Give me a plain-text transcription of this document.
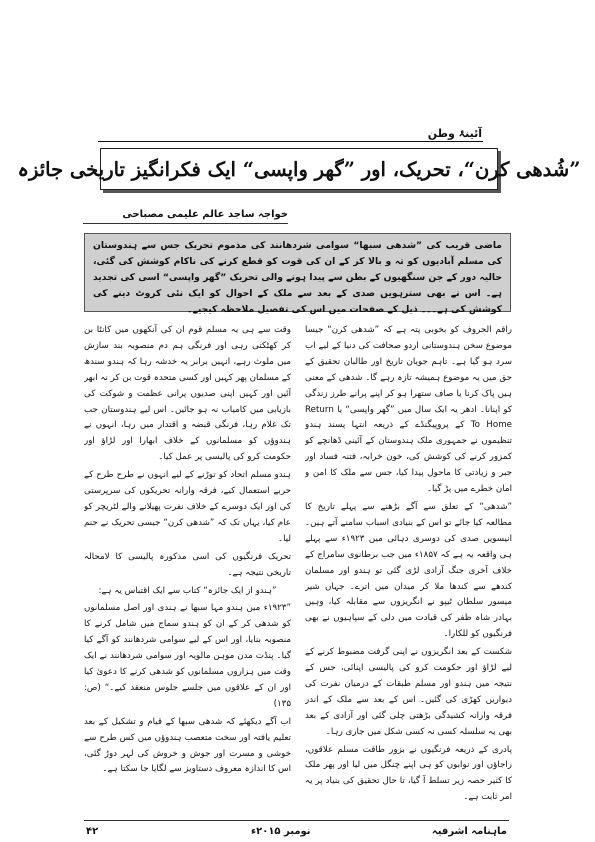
آئینۂ وطن
”شُدھی کرن“، تحریک، اور ”گھر واپسی“ ایک فکرانگیز تاریخی جائزہ
خواجہ ساجد عالم علیمی مصباحی
ماضی قریب کی ”شدھی سبھا“ سوامی شردھانند کی مذموم تحریک جس سے ہندوستان کی مسلم آبادیوں کو تہ و بالا کر کے ان کی قوت کو قطع کرنے کی ناکام کوشش کی گئی، حالیہ دور کے جن سنگھیوں کے بطن سے پیدا ہونے والی تحریک ”گھر واپسی“ اسی کی تجدید ہے۔ اس نے بھی سترہویں صدی کے بعد سے ملک کے احوال کو ایک نئی کروٹ دینے کی کوشش کی ہے۔۔۔ ذیل کے صفحات میں اس کی تفصیل ملاحظہ کیجیے۔

راقم الحروف کو بخوبی پتہ ہے کہ ”شدھی کرن“ جیسا موضوع سخن ہندوستانی اردو صحافت کی دنیا کے لیے اب سرد ہو گیا ہے۔ تاہم جویان تاریخ اور طالبان تحقیق کے حق میں یہ موضوع ہمیشہ تازہ رہے گا۔ شدھی کے معنی ہیں پاک کرنا یا صاف ستھرا ہو کر اپنے پرانے طرز زندگی کو اپنانا۔ ادھر یہ ایک سال میں ”گھر واپسی“ یا Return To Home کے پروپیگنڈے کے ذریعہ انتہا پسند ہندو تنظیموں نے جمہوری ملک ہندوستان کے آئینی ڈھانچے کو کمزور کرنے کی کوشش کی، خون خرابہ، فتنہ فساد اور جبر و زیادتی کا ماحول پیدا کیا، جس سے ملک کا امن و امان خطرے میں پڑ گیا۔

”شدھی“ کے تعلق سے آگے بڑھنے سے پہلے تاریخ کا مطالعہ کیا جائے تو اس کے بنیادی اسباب سامنے آتے ہیں۔ انیسویں صدی کی دوسری دہائی میں ۱۹۲۳ء سے پہلے ہی واقعہ یہ ہے کہ ۱۸۵۷ء میں جب برطانوی سامراج کے خلاف آخری جنگ آزادی لڑی گئی تو ہندو اور مسلمان کندھے سے کندھا ملا کر میدان میں اترے۔ جہاں شیر میسور سلطان ٹیپو نے انگریزوں سے مقابلہ کیا، وہیں بہادر شاہ ظفر کی قیادت میں دلی کے سپاہیوں نے بھی فرنگیوں کو للکارا۔

شکست کے بعد انگریزوں نے اپنی گرفت مضبوط کرنے کے لیے لڑاؤ اور حکومت کرو کی پالیسی اپنائی، جس کے نتیجہ میں ہندو اور مسلم طبقات کے درمیان نفرت کی دیواریں کھڑی کی گئیں۔ اس کے بعد سے ملک کے اندر فرقہ وارانہ کشیدگی بڑھتی چلی گئی اور آزادی کے بعد بھی یہ سلسلہ کسی نہ کسی شکل میں جاری رہا۔

پادری کے ذریعہ فرنگیوں نے بزور طاقت مسلم علاقوں، راجاؤں اور نوابوں کو ہی اپنے چنگل میں لیا اور پھر ملک کا کثیر حصہ زیر تسلط آ گیا، تا حال تحقیق کی بنیاد پر یہ امر ثابت ہے۔

وقت سے ہی یہ مسلم قوم ان کی آنکھوں میں کانٹا بن کر کھٹکتی رہی اور فرنگی ہم دم منصوبہ بند سازش میں ملوث رہے، انہیں برابر یہ خدشہ رہا کہ ہندو سندھ کے مسلمان پھر کہیں اور کسی متحدہ قوت بن کر نہ ابھر آئیں اور کہیں اپنی صدیوں پرانی عظمت و شوکت کی بازیابی میں کامیاب نہ ہو جائیں۔ اس لیے ہندوستان جب تک غلام رہا، فرنگی قبضہ و اقتدار میں رہا، انہوں نے ہندوؤں کو مسلمانوں کے خلاف ابھارا اور لڑاؤ اور حکومت کرو کی پالیسی پر عمل کیا۔

ہندو مسلم اتحاد کو توڑنے کے لیے انہوں نے طرح طرح کے حربے استعمال کیے، فرقہ وارانہ تحریکوں کی سرپرستی کی اور ایک دوسرے کے خلاف نفرت پھیلانے والے لٹریچر کو عام کیا، یہاں تک کہ ”شدھی کرن“ جیسی تحریک نے جنم لیا۔

تحریک فرنگیوں کی اسی مذکورہ پالیسی کا لامحالہ تاریخی نتیجہ ہے۔

”ہندو از ایک جائزہ“ کتاب سے ایک اقتباس یہ ہے:

”۱۹۲۳ء میں ہندو مہا سبھا نے ہندی اور اصل مسلمانوں کو شدھی کر کے ان کو ہندو سماج میں شامل کرنے کا منصوبہ بنایا، اور اس کے لیے سوامی شردھانند کو آگے کیا گیا۔ پنڈت مدن موہن مالویہ اور سوامی شردھانند نے ایک وقت میں ہزاروں مسلمانوں کو شدھی کرنے کا دعویٰ کیا اور ان کے علاقوں میں جلسے جلوس منعقد کیے۔“ (ص: ۱۳۵)

اب آگے دیکھئے کہ شدھی سبھا کے قیام و تشکیل کے بعد تعلیم یافتہ اور سخت متعصب ہندوؤں میں کس طرح سے خوشی و مسرت اور جوش و خروش کی لہر دوڑ گئی، اس کا اندازہ معروف دستاویز سے لگایا جا سکتا ہے۔

ماہنامہ اشرفیہ
نومبر ۲۰۱۵ء
۴۲
